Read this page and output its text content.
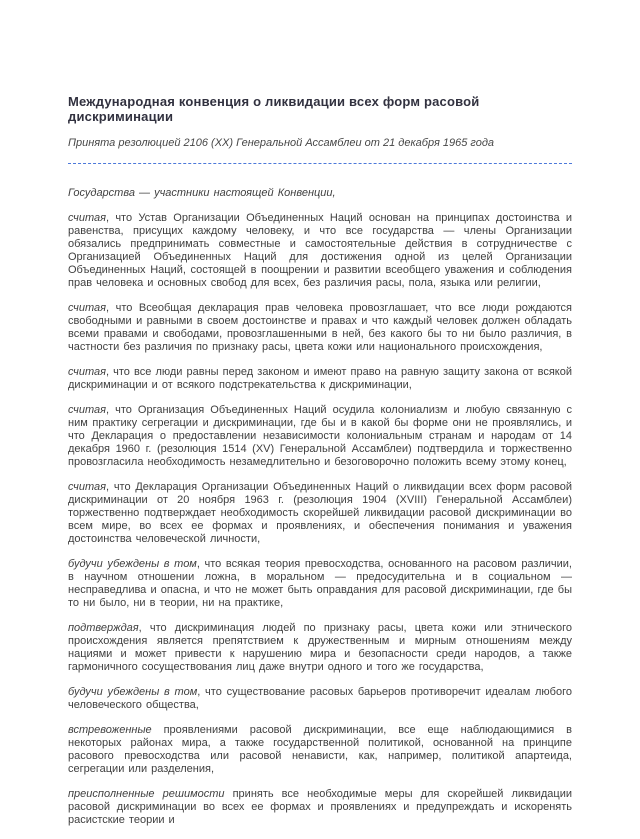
Международная конвенция о ликвидации всех форм расовой дискриминации

Принята резолюцией 2106 (XX) Генеральной Ассамблеи от 21 декабря 1965 года

Государства — участники настоящей Конвенции,

считая, что Устав Организации Объединенных Наций основан на принципах достоинства и равенства, присущих каждому человеку, и что все государства — члены Организации обязались предпринимать совместные и самостоятельные действия в сотрудничестве с Организацией Объединенных Наций для достижения одной из целей Организации Объединенных Наций, состоящей в поощрении и развитии всеобщего уважения и соблюдения прав человека и основных свобод для всех, без различия расы, пола, языка или религии,

считая, что Всеобщая декларация прав человека провозглашает, что все люди рождаются свободными и равными в своем достоинстве и правах и что каждый человек должен обладать всеми правами и свободами, провозглашенными в ней, без какого бы то ни было различия, в частности без различия по признаку расы, цвета кожи или национального происхождения,

считая, что все люди равны перед законом и имеют право на равную защиту закона от всякой дискриминации и от всякого подстрекательства к дискриминации,

считая, что Организация Объединенных Наций осудила колониализм и любую связанную с ним практику сегрегации и дискриминации, где бы и в какой бы форме они не проявлялись, и что Декларация о предоставлении независимости колониальным странам и народам от 14 декабря 1960 г. (резолюция 1514 (XV) Генеральной Ассамблеи) подтвердила и торжественно провозгласила необходимость незамедлительно и безоговорочно положить всему этому конец,

считая, что Декларация Организации Объединенных Наций о ликвидации всех форм расовой дискриминации от 20 ноября 1963 г. (резолюция 1904 (XVIII) Генеральной Ассамблеи) торжественно подтверждает необходимость скорейшей ликвидации расовой дискриминации во всем мире, во всех ее формах и проявлениях, и обеспечения понимания и уважения достоинства человеческой личности,

будучи убеждены в том, что всякая теория превосходства, основанного на расовом различии, в научном отношении ложна, в моральном — предосудительна и в социальном — несправедлива и опасна, и что не может быть оправдания для расовой дискриминации, где бы то ни было, ни в теории, ни на практике,

подтверждая, что дискриминация людей по признаку расы, цвета кожи или этнического происхождения является препятствием к дружественным и мирным отношениям между нациями и может привести к нарушению мира и безопасности среди народов, а также гармоничного сосуществования лиц даже внутри одного и того же государства,

будучи убеждены в том, что существование расовых барьеров противоречит идеалам любого человеческого общества,

встревоженные проявлениями расовой дискриминации, все еще наблюдающимися в некоторых районах мира, а также государственной политикой, основанной на принципе расового превосходства или расовой ненависти, как, например, политикой апартеида, сегрегации или разделения,

преисполненные решимости принять все необходимые меры для скорейшей ликвидации расовой дискриминации во всех ее формах и проявлениях и предупреждать и искоренять расистские теории и
